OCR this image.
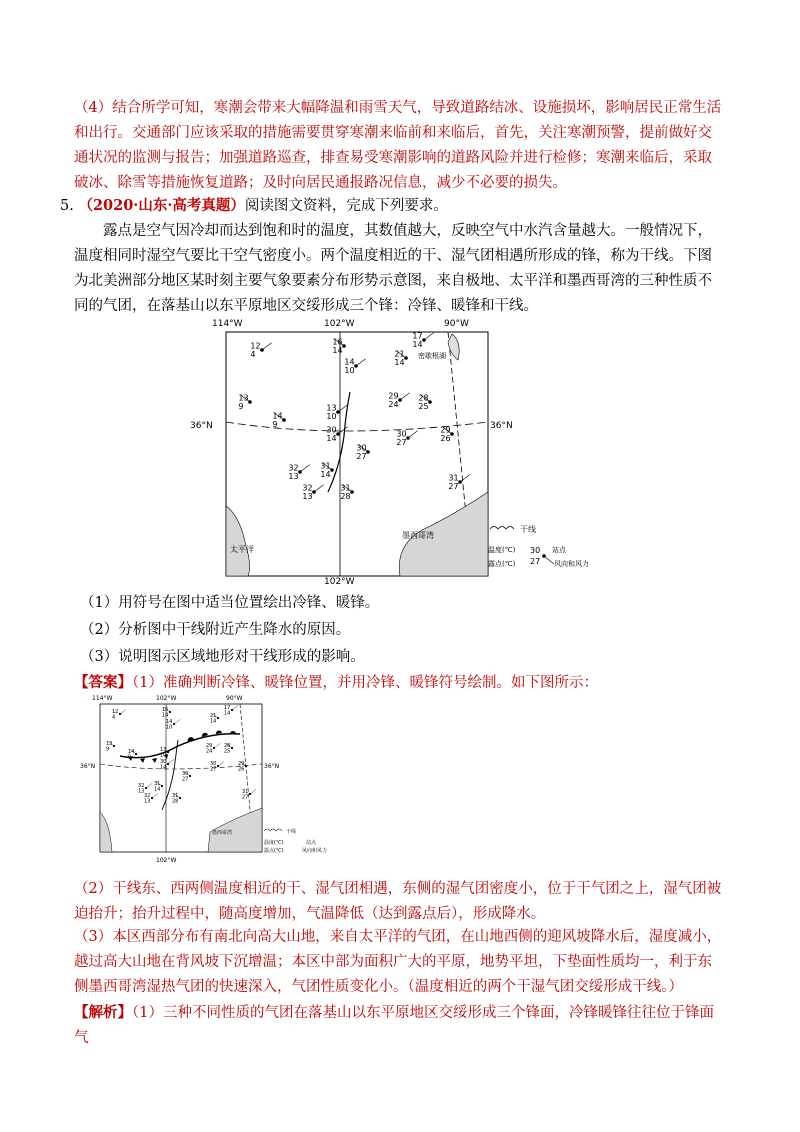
（4）结合所学可知，寒潮会带来大幅降温和雨雪天气，导致道路结冰、设施损坏，影响居民正常生活和出行。交通部门应该采取的措施需要贯穿寒潮来临前和来临后，首先，关注寒潮预警，提前做好交通状况的监测与报告；加强道路巡查，排查易受寒潮影响的道路风险并进行检修；寒潮来临后，采取破冰、除雪等措施恢复道路；及时向居民通报路况信息，减少不必要的损失。

5. （2020·山东·高考真题）阅读图文资料，完成下列要求。

露点是空气因冷却而达到饱和时的温度，其数值越大，反映空气中水汽含量越大。一般情况下，温度相同时湿空气要比干空气密度小。两个温度相近的干、湿气团相遇所形成的锋，称为干线。下图为北美洲部分地区某时刻主要气象要素分布形势示意图，来自极地、太平洋和墨西哥湾的三种性质不同的气团，在落基山以东平原地区交绥形成三个锋：冷锋、暖锋和干线。

114°W	102°W	90°W
102°W
36°N	36°N
密歇根湖
墨西哥湾
太平洋
12
4
16
14
17
14
21
14
14
10
13
9	13
10
14
9
29
24
28
25
30
14
29
26
30
27
30
27
32
13
31
14
32
13
31
28
31
27
干线
温度(℃)
露点(℃)
30
27
站点
风向和风力

（1）用符号在图中适当位置绘出冷锋、暖锋。

（2）分析图中干线附近产生降水的原因。

（3）说明图示区域地形对干线形成的影响。

【答案】（1）准确判断冷锋、暖锋位置，并用冷锋、暖锋符号绘制。如下图所示：

114°W	102°W	90°W
102°W
36°N	36°N
墨西哥湾
12
4
16
14
17
14
21
14
14
10
13
9	13
10
14
9
29
24
28
25
30
14
29
26
30
27
30
27
32
13
31
14
32
13
31
28
31
27
干线
温度(℃)
露点(℃)
站点
风向和风力

（2）干线东、西两侧温度相近的干、湿气团相遇，东侧的湿气团密度小，位于干气团之上，湿气团被迫抬升；抬升过程中，随高度增加，气温降低（达到露点后），形成降水。

（3）本区西部分布有南北向高大山地，来自太平洋的气团，在山地西侧的迎风坡降水后，湿度减小，越过高大山地在背风坡下沉增温；本区中部为面积广大的平原，地势平坦，下垫面性质均一，利于东侧墨西哥湾湿热气团的快速深入，气团性质变化小。（温度相近的两个干湿气团交绥形成干线。）

【解析】（1）三种不同性质的气团在落基山以东平原地区交绥形成三个锋面，冷锋暖锋往往位于锋面气
